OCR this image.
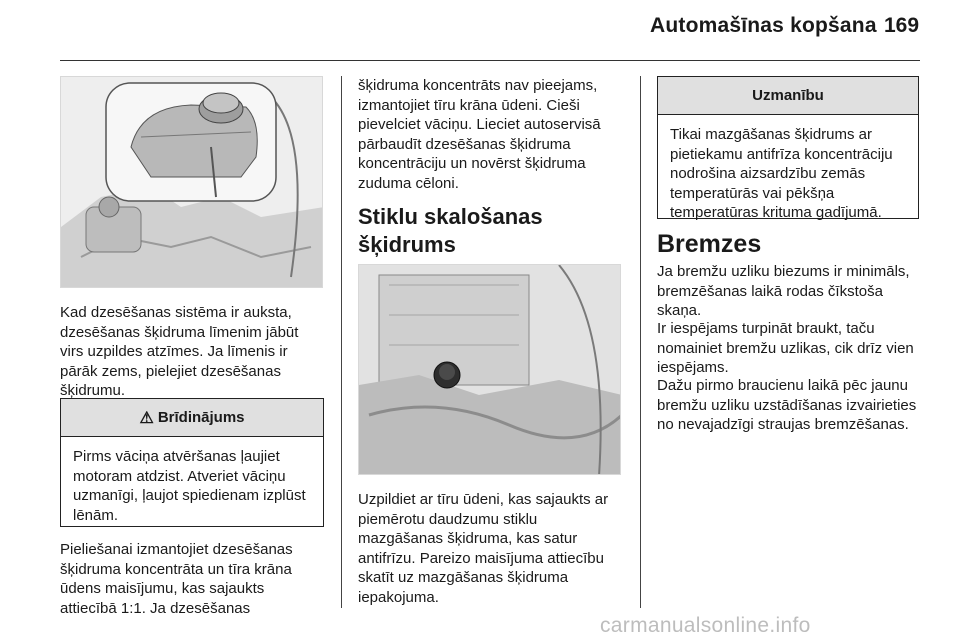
Automašīnas kopšana 169
Kad dzesēšanas sistēma ir auksta, dzesēšanas šķidruma līmenim jābūt virs uzpildes atzīmes. Ja līmenis ir pārāk zems, pielejiet dzesēšanas šķidrumu.
⚠ Brīdinājums
Pirms vāciņa atvēršanas ļaujiet motoram atdzist. Atveriet vāciņu uzmanīgi, ļaujot spiedienam izplūst lēnām.
Pieliešanai izmantojiet dzesēšanas šķidruma koncentrāta un tīra krāna ūdens maisījumu, kas sajaukts attiecībā 1:1. Ja dzesēšanas
šķidruma koncentrāts nav pieejams, izmantojiet tīru krāna ūdeni. Cieši pievelciet vāciņu. Lieciet autoservisā pārbaudīt dzesēšanas šķidruma koncentrāciju un novērst šķidruma zuduma cēloni.
Stiklu skalošanas šķidrums
Uzpildiet ar tīru ūdeni, kas sajaukts ar piemērotu daudzumu stiklu mazgāšanas šķidruma, kas satur antifrīzu. Pareizo maisījuma attiecību skatīt uz mazgāšanas šķidruma iepakojuma.
Uzmanību
Tikai mazgāšanas šķidrums ar pietiekamu antifrīza koncentrāciju nodrošina aizsardzību zemās temperatūrās vai pēkšņa temperatūras krituma gadījumā.
Bremzes
Ja bremžu uzliku biezums ir minimāls, bremzēšanas laikā rodas čīkstoša skaņa.
Ir iespējams turpināt braukt, taču nomainiet bremžu uzlikas, cik drīz vien iespējams.
Dažu pirmo braucienu laikā pēc jaunu bremžu uzliku uzstādīšanas izvairieties no nevajadzīgi straujas bremzēšanas.
carmanualsonline.info
